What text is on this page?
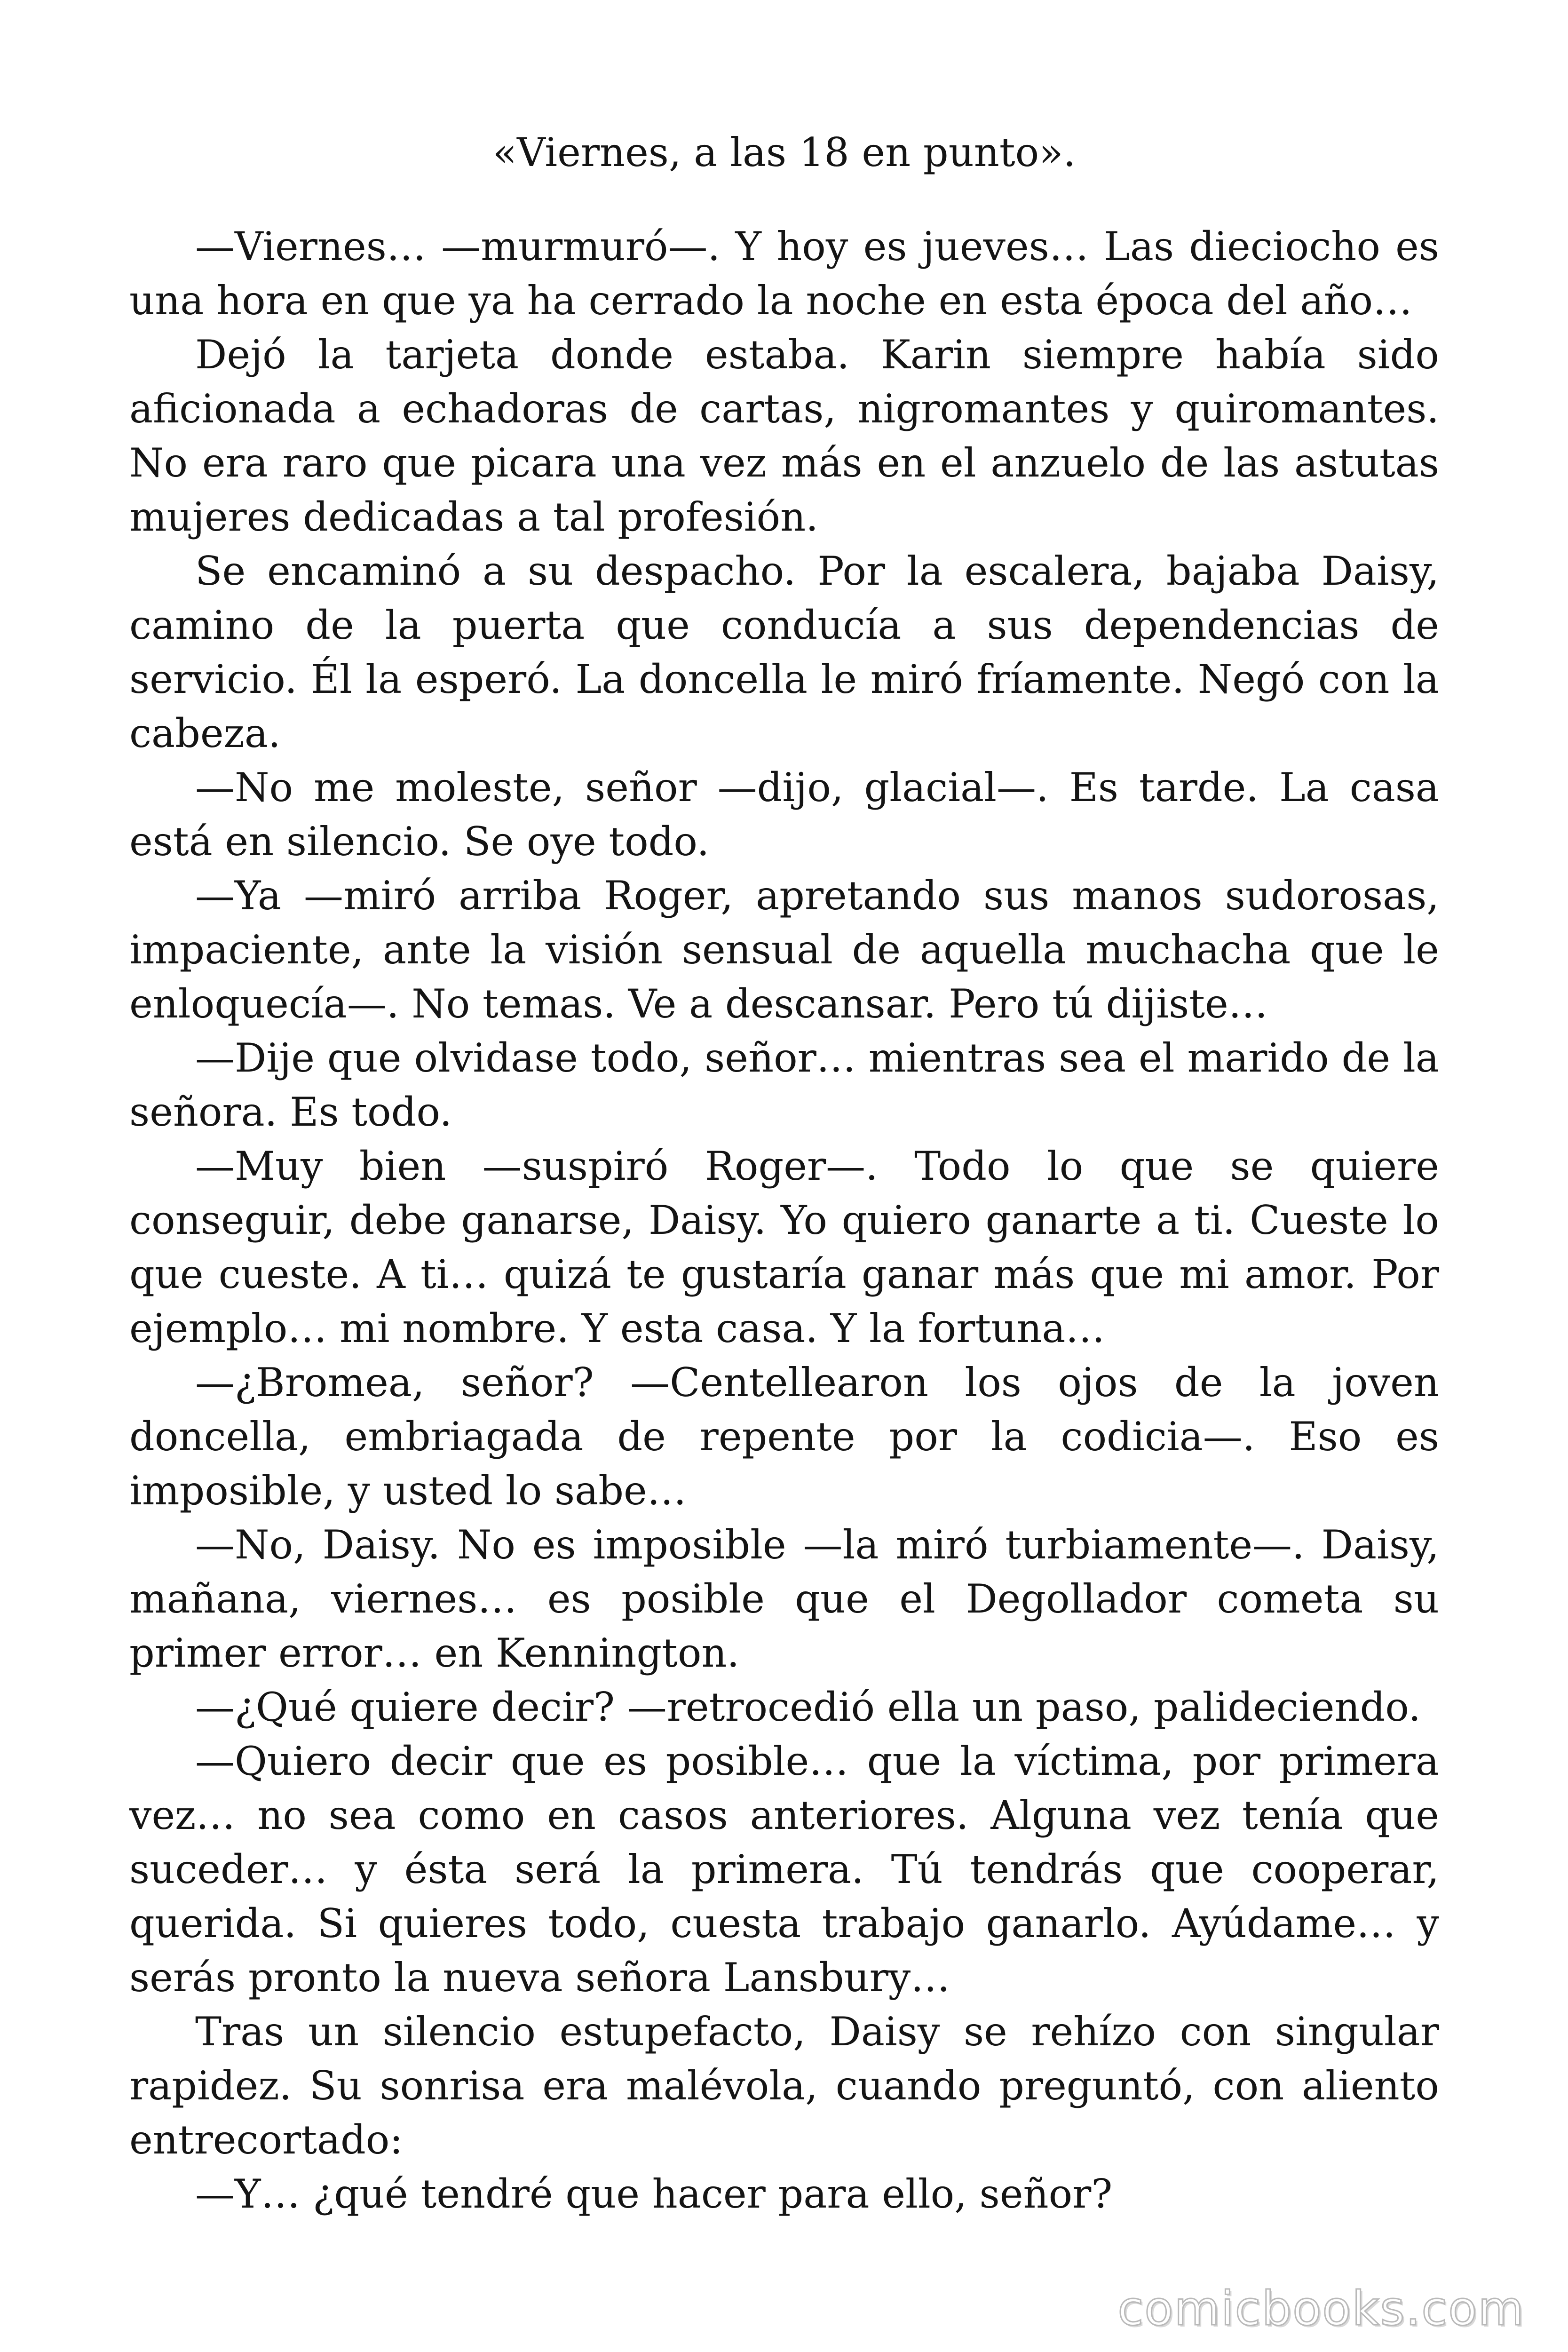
«Viernes, a las 18 en punto».

—Viernes… —murmuró—. Y hoy es jueves… Las dieciocho es una hora en que ya ha cerrado la noche en esta época del año…

Dejó la tarjeta donde estaba. Karin siempre había sido aficionada a echadoras de cartas, nigromantes y quiromantes. No era raro que picara una vez más en el anzuelo de las astutas mujeres dedicadas a tal profesión.

Se encaminó a su despacho. Por la escalera, bajaba Daisy, camino de la puerta que conducía a sus dependencias de servicio. Él la esperó. La doncella le miró fríamente. Negó con la cabeza.

—No me moleste, señor —dijo, glacial—. Es tarde. La casa está en silencio. Se oye todo.

—Ya —miró arriba Roger, apretando sus manos sudorosas, impaciente, ante la visión sensual de aquella muchacha que le enloquecía—. No temas. Ve a descansar. Pero tú dijiste…

—Dije que olvidase todo, señor… mientras sea el marido de la señora. Es todo.

—Muy bien —suspiró Roger—. Todo lo que se quiere conseguir, debe ganarse, Daisy. Yo quiero ganarte a ti. Cueste lo que cueste. A ti… quizá te gustaría ganar más que mi amor. Por ejemplo… mi nombre. Y esta casa. Y la fortuna…

—¿Bromea, señor? —Centellearon los ojos de la joven doncella, embriagada de repente por la codicia—. Eso es imposible, y usted lo sabe…

—No, Daisy. No es imposible —la miró turbiamente—. Daisy, mañana, viernes… es posible que el Degollador cometa su primer error… en Kennington.

—¿Qué quiere decir? —retrocedió ella un paso, palideciendo.

—Quiero decir que es posible… que la víctima, por primera vez… no sea como en casos anteriores. Alguna vez tenía que suceder… y ésta será la primera. Tú tendrás que cooperar, querida. Si quieres todo, cuesta trabajo ganarlo. Ayúdame… y serás pronto la nueva señora Lansbury…

Tras un silencio estupefacto, Daisy se rehízo con singular rapidez. Su sonrisa era malévola, cuando preguntó, con aliento entrecortado:

—Y… ¿qué tendré que hacer para ello, señor?

comicbooks.com
